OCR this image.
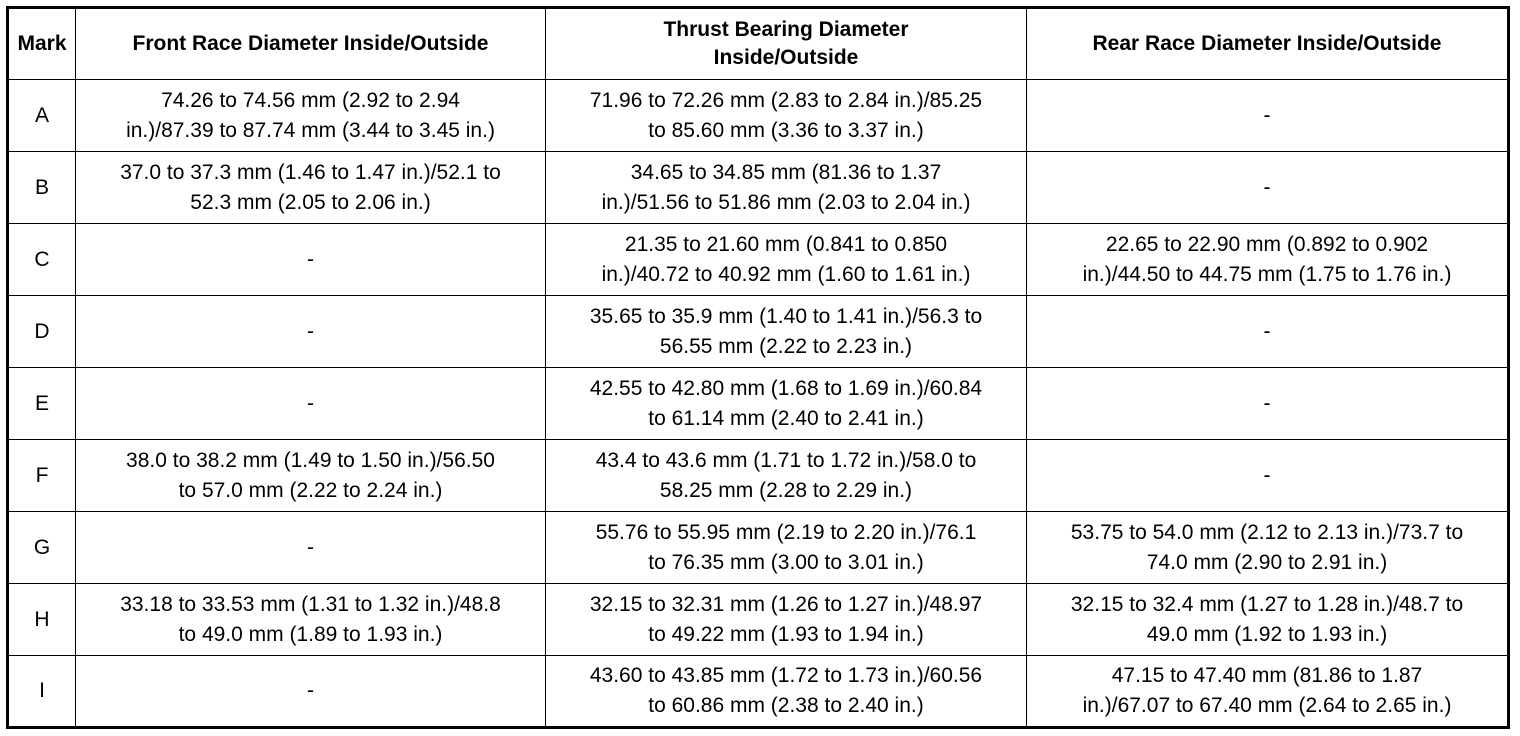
Mark	Front Race Diameter Inside/Outside	Thrust Bearing Diameter
Inside/Outside	Rear Race Diameter Inside/Outside
A	74.26 to 74.56 mm (2.92 to 2.94
in.)/87.39 to 87.74 mm (3.44 to 3.45 in.)	71.96 to 72.26 mm (2.83 to 2.84 in.)/85.25
to 85.60 mm (3.36 to 3.37 in.)	-
B	37.0 to 37.3 mm (1.46 to 1.47 in.)/52.1 to
52.3 mm (2.05 to 2.06 in.)	34.65 to 34.85 mm (81.36 to 1.37
in.)/51.56 to 51.86 mm (2.03 to 2.04 in.)	-
C	-	21.35 to 21.60 mm (0.841 to 0.850
in.)/40.72 to 40.92 mm (1.60 to 1.61 in.)	22.65 to 22.90 mm (0.892 to 0.902
in.)/44.50 to 44.75 mm (1.75 to 1.76 in.)
D	-	35.65 to 35.9 mm (1.40 to 1.41 in.)/56.3 to
56.55 mm (2.22 to 2.23 in.)	-
E	-	42.55 to 42.80 mm (1.68 to 1.69 in.)/60.84
to 61.14 mm (2.40 to 2.41 in.)	-
F	38.0 to 38.2 mm (1.49 to 1.50 in.)/56.50
to 57.0 mm (2.22 to 2.24 in.)	43.4 to 43.6 mm (1.71 to 1.72 in.)/58.0 to
58.25 mm (2.28 to 2.29 in.)	-
G	-	55.76 to 55.95 mm (2.19 to 2.20 in.)/76.1
to 76.35 mm (3.00 to 3.01 in.)	53.75 to 54.0 mm (2.12 to 2.13 in.)/73.7 to
74.0 mm (2.90 to 2.91 in.)
H	33.18 to 33.53 mm (1.31 to 1.32 in.)/48.8
to 49.0 mm (1.89 to 1.93 in.)	32.15 to 32.31 mm (1.26 to 1.27 in.)/48.97
to 49.22 mm (1.93 to 1.94 in.)	32.15 to 32.4 mm (1.27 to 1.28 in.)/48.7 to
49.0 mm (1.92 to 1.93 in.)
I	-	43.60 to 43.85 mm (1.72 to 1.73 in.)/60.56
to 60.86 mm (2.38 to 2.40 in.)	47.15 to 47.40 mm (81.86 to 1.87
in.)/67.07 to 67.40 mm (2.64 to 2.65 in.)
